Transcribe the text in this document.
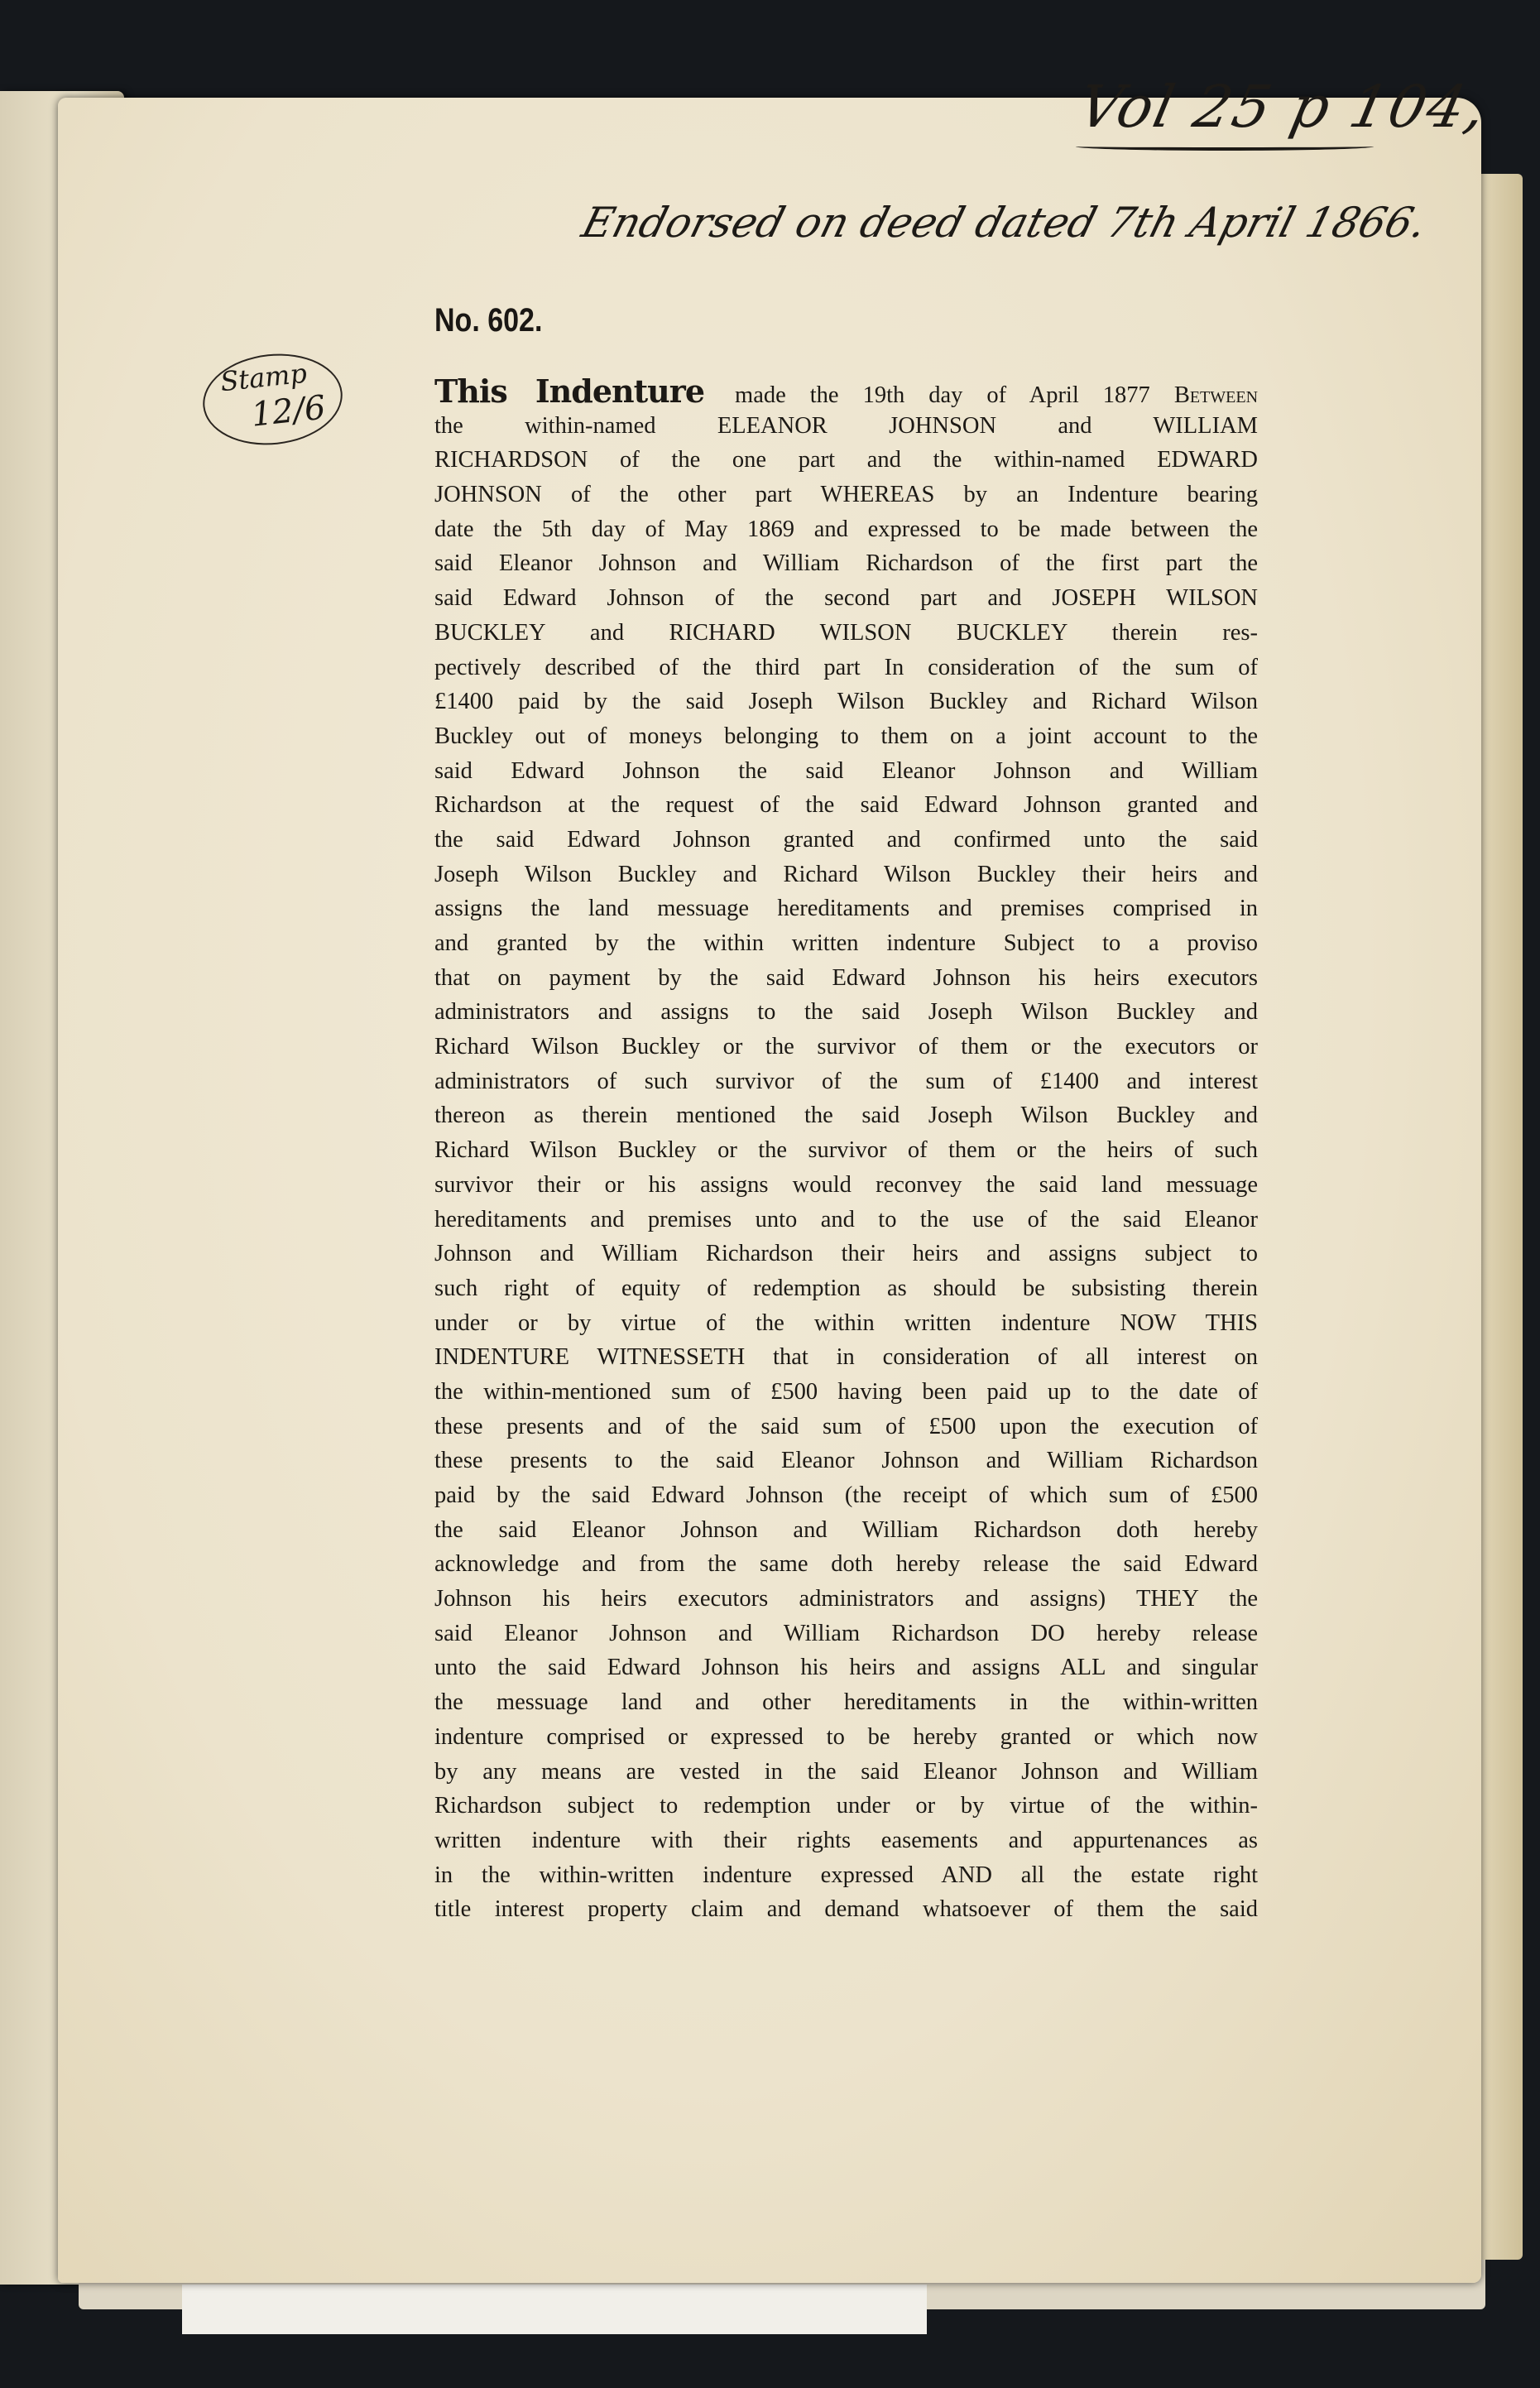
Vol 25 p 104,
Endorsed on deed dated 7th April 1866.
No. 602.
Stamp
12/6	This Indenture made the 19th day of April 1877 Between
the within-named ELEANOR JOHNSON and WILLIAM
RICHARDSON of the one part and the within-named EDWARD
JOHNSON of the other part WHEREAS by an Indenture bearing
date the 5th day of May 1869 and expressed to be made between the
said Eleanor Johnson and William Richardson of the first part the
said Edward Johnson of the second part and JOSEPH WILSON
BUCKLEY and RICHARD WILSON BUCKLEY therein res-
pectively described of the third part In consideration of the sum of
£1400 paid by the said Joseph Wilson Buckley and Richard Wilson
Buckley out of moneys belonging to them on a joint account to the
said Edward Johnson the said Eleanor Johnson and William
Richardson at the request of the said Edward Johnson granted and
the said Edward Johnson granted and confirmed unto the said
Joseph Wilson Buckley and Richard Wilson Buckley their heirs and
assigns the land messuage hereditaments and premises comprised in
and granted by the within written indenture Subject to a proviso
that on payment by the said Edward Johnson his heirs executors
administrators and assigns to the said Joseph Wilson Buckley and
Richard Wilson Buckley or the survivor of them or the executors or
administrators of such survivor of the sum of £1400 and interest
thereon as therein mentioned the said Joseph Wilson Buckley and
Richard Wilson Buckley or the survivor of them or the heirs of such
survivor their or his assigns would reconvey the said land messuage
hereditaments and premises unto and to the use of the said Eleanor
Johnson and William Richardson their heirs and assigns subject to
such right of equity of redemption as should be subsisting therein
under or by virtue of the within written indenture NOW THIS
INDENTURE WITNESSETH that in consideration of all interest on
the within-mentioned sum of £500 having been paid up to the date of
these presents and of the said sum of £500 upon the execution of
these presents to the said Eleanor Johnson and William Richardson
paid by the said Edward Johnson (the receipt of which sum of £500
the said Eleanor Johnson and William Richardson doth hereby
acknowledge and from the same doth hereby release the said Edward
Johnson his heirs executors administrators and assigns) THEY the
said Eleanor Johnson and William Richardson DO hereby release
unto the said Edward Johnson his heirs and assigns ALL and singular
the messuage land and other hereditaments in the within-written
indenture comprised or expressed to be hereby granted or which now
by any means are vested in the said Eleanor Johnson and William
Richardson subject to redemption under or by virtue of the within-
written indenture with their rights easements and appurtenances as
in the within-written indenture expressed AND all the estate right
title interest property claim and demand whatsoever of them the said
